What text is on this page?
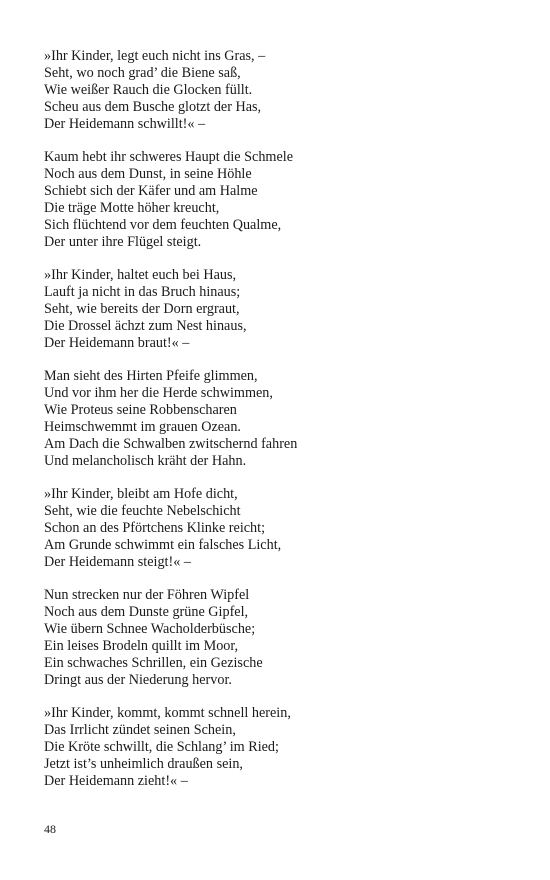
»Ihr Kinder, legt euch nicht ins Gras, –
Seht, wo noch grad’ die Biene saß,
Wie weißer Rauch die Glocken füllt.
Scheu aus dem Busche glotzt der Has,
Der Heidemann schwillt!« –
Kaum hebt ihr schweres Haupt die Schmele
Noch aus dem Dunst, in seine Höhle
Schiebt sich der Käfer und am Halme
Die träge Motte höher kreucht,
Sich flüchtend vor dem feuchten Qualme,
Der unter ihre Flügel steigt.
»Ihr Kinder, haltet euch bei Haus,
Lauft ja nicht in das Bruch hinaus;
Seht, wie bereits der Dorn ergraut,
Die Drossel ächzt zum Nest hinaus,
Der Heidemann braut!« –
Man sieht des Hirten Pfeife glimmen,
Und vor ihm her die Herde schwimmen,
Wie Proteus seine Robbenscharen
Heimschwemmt im grauen Ozean.
Am Dach die Schwalben zwitschernd fahren
Und melancholisch kräht der Hahn.
»Ihr Kinder, bleibt am Hofe dicht,
Seht, wie die feuchte Nebelschicht
Schon an des Pförtchens Klinke reicht;
Am Grunde schwimmt ein falsches Licht,
Der Heidemann steigt!« –
Nun strecken nur der Föhren Wipfel
Noch aus dem Dunste grüne Gipfel,
Wie übern Schnee Wacholderbüsche;
Ein leises Brodeln quillt im Moor,
Ein schwaches Schrillen, ein Gezische
Dringt aus der Niederung hervor.
»Ihr Kinder, kommt, kommt schnell herein,
Das Irrlicht zündet seinen Schein,
Die Kröte schwillt, die Schlang’ im Ried;
Jetzt ist’s unheimlich draußen sein,
Der Heidemann zieht!« –
48
